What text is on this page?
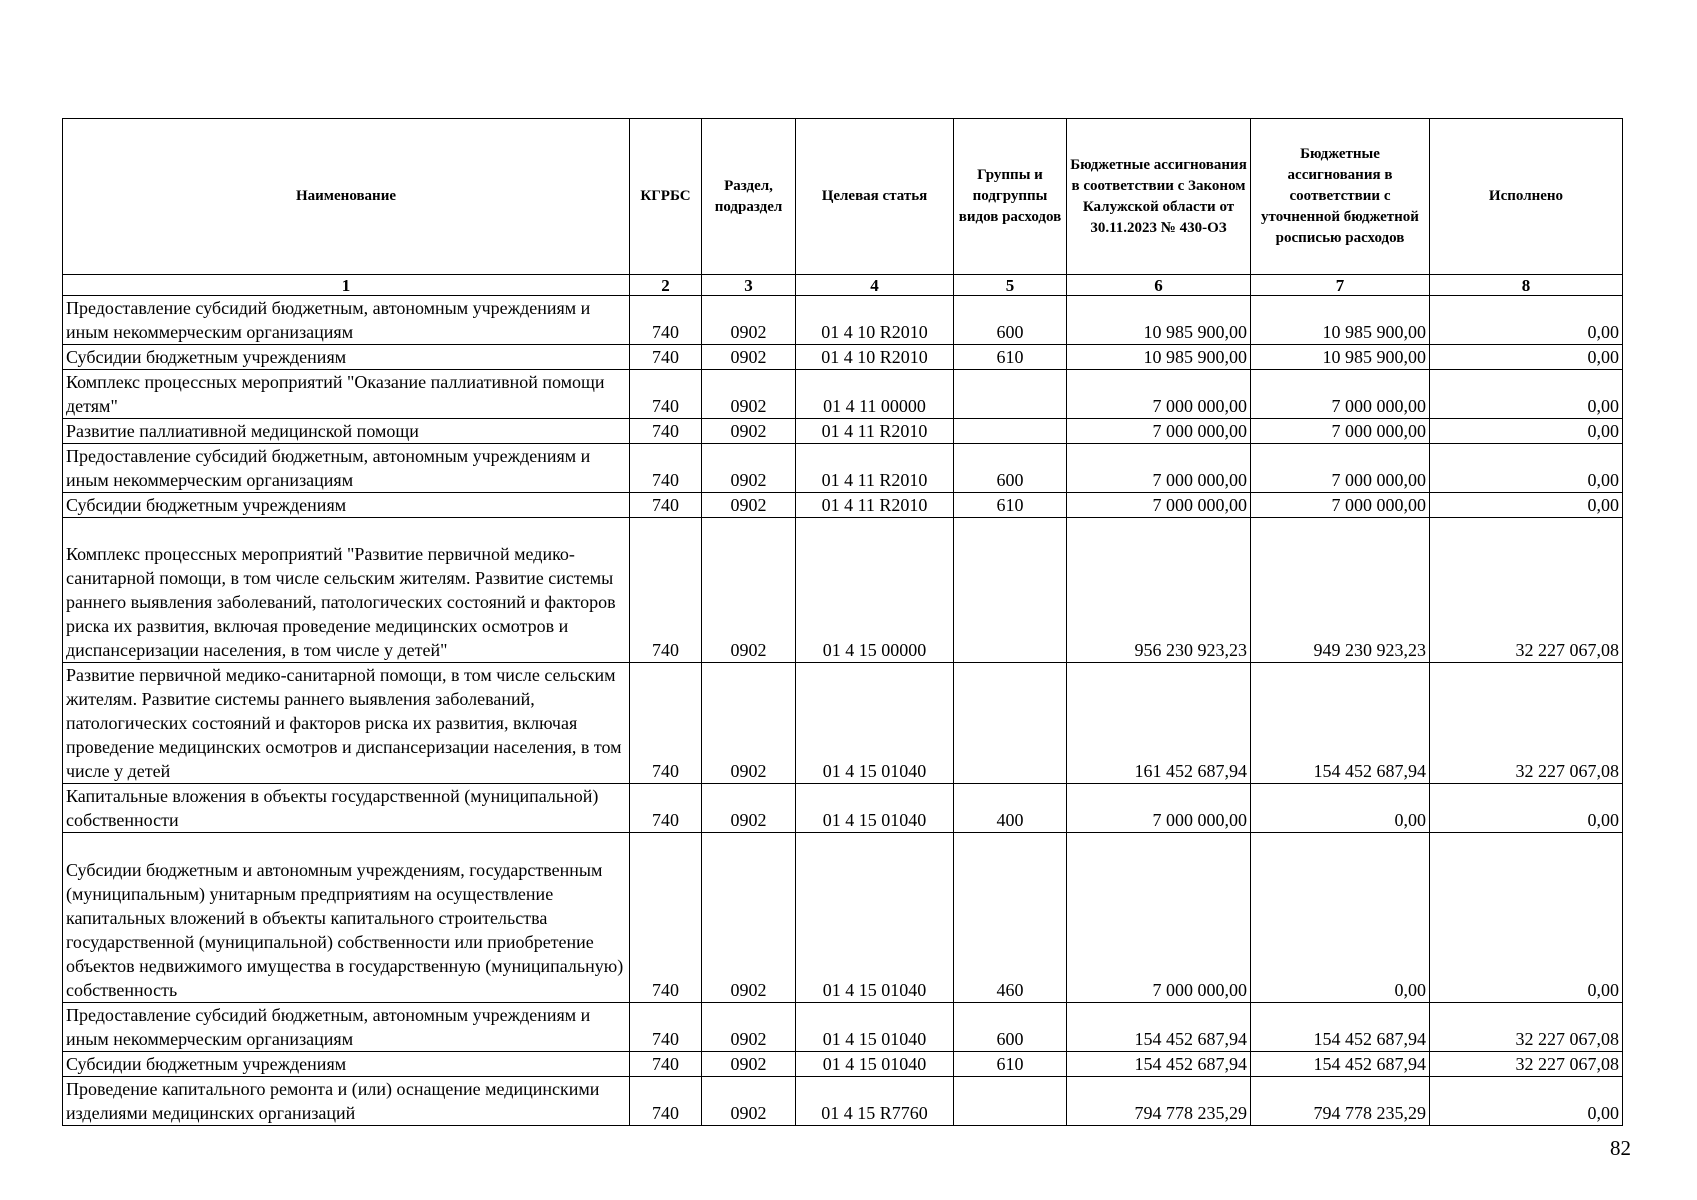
Наименование	КГРБС	Раздел, подраздел	Целевая статья	Группы и подгруппы видов расходов	Бюджетные ассигнования в соответствии с Законом Калужской области от 30.11.2023 № 430-ОЗ	Бюджетные ассигнования в соответствии с уточненной бюджетной росписью расходов	Исполнено
1	2	3	4	5	6	7	8
Предоставление субсидий бюджетным, автономным учреждениям и иным некоммерческим организациям	740	0902	01 4 10 R2010	600	10 985 900,00	10 985 900,00	0,00
Субсидии бюджетным учреждениям	740	0902	01 4 10 R2010	610	10 985 900,00	10 985 900,00	0,00
Комплекс процессных мероприятий "Оказание паллиативной помощи детям"	740	0902	01 4 11 00000		7 000 000,00	7 000 000,00	0,00
Развитие паллиативной медицинской помощи	740	0902	01 4 11 R2010		7 000 000,00	7 000 000,00	0,00
Предоставление субсидий бюджетным, автономным учреждениям и иным некоммерческим организациям	740	0902	01 4 11 R2010	600	7 000 000,00	7 000 000,00	0,00
Субсидии бюджетным учреждениям	740	0902	01 4 11 R2010	610	7 000 000,00	7 000 000,00	0,00
Комплекс процессных мероприятий "Развитие первичной медико-санитарной помощи, в том числе сельским жителям. Развитие системы раннего выявления заболеваний, патологических состояний и факторов риска их развития, включая проведение медицинских осмотров и диспансеризации населения, в том числе у детей"	740	0902	01 4 15 00000		956 230 923,23	949 230 923,23	32 227 067,08
Развитие первичной медико-санитарной помощи, в том числе сельским жителям. Развитие системы раннего выявления заболеваний, патологических состояний и факторов риска их развития, включая проведение медицинских осмотров и диспансеризации населения, в том числе у детей	740	0902	01 4 15 01040		161 452 687,94	154 452 687,94	32 227 067,08
Капитальные вложения в объекты государственной (муниципальной) собственности	740	0902	01 4 15 01040	400	7 000 000,00	0,00	0,00
Субсидии бюджетным и автономным учреждениям, государственным (муниципальным) унитарным предприятиям на осуществление капитальных вложений в объекты капитального строительства государственной (муниципальной) собственности или приобретение объектов недвижимого имущества в государственную (муниципальную) собственность	740	0902	01 4 15 01040	460	7 000 000,00	0,00	0,00
Предоставление субсидий бюджетным, автономным учреждениям и иным некоммерческим организациям	740	0902	01 4 15 01040	600	154 452 687,94	154 452 687,94	32 227 067,08
Субсидии бюджетным учреждениям	740	0902	01 4 15 01040	610	154 452 687,94	154 452 687,94	32 227 067,08
Проведение капитального ремонта и (или) оснащение медицинскими изделиями медицинских организаций	740	0902	01 4 15 R7760		794 778 235,29	794 778 235,29	0,00
82
